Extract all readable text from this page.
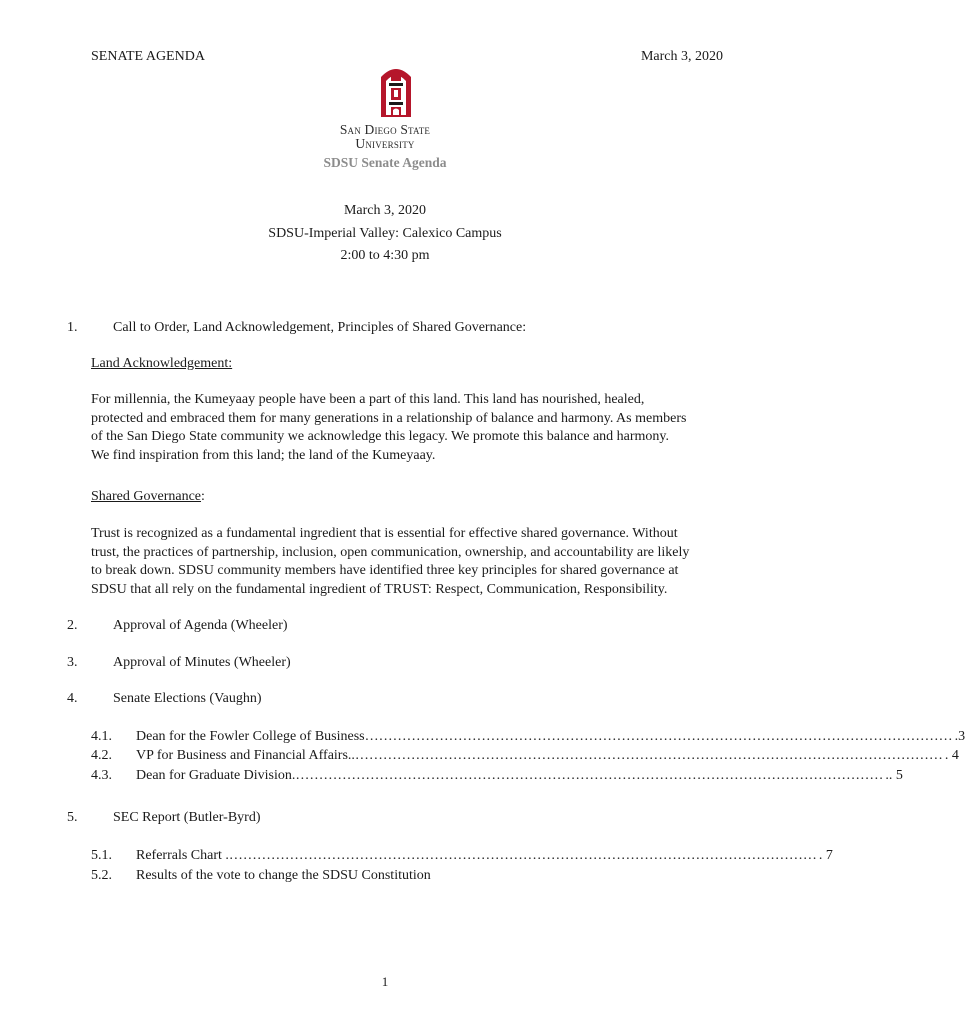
SENATE AGENDA	March 3, 2020
San Diego State
University
SDSU Senate Agenda
March 3, 2020
SDSU-Imperial Valley: Calexico Campus
2:00 to 4:30 pm
1.	Call to Order, Land Acknowledgement, Principles of Shared Governance:
Land Acknowledgement:
For millennia, the Kumeyaay people have been a part of this land. This land has nourished, healed,
protected and embraced them for many generations in a relationship of balance and harmony. As members
of the San Diego State community we acknowledge this legacy. We promote this balance and harmony.
We find inspiration from this land; the land of the Kumeyaay.
Shared Governance:
Trust is recognized as a fundamental ingredient that is essential for effective shared governance. Without
trust, the practices of partnership, inclusion, open communication, ownership, and accountability are likely
to break down. SDSU community members have identified three key principles for shared governance at
SDSU that all rely on the fundamental ingredient of TRUST: Respect, Communication, Responsibility.
2.	Approval of Agenda (Wheeler)
3.	Approval of Minutes (Wheeler)
4.	Senate Elections (Vaughn)
4.1. Dean for the Fowler College of Business ……………………………………………………………………………………………………………… .3
4.2. VP for Business and Financial Affairs.. ……………………………………………………………………………………………………………… . 4
4.3. Dean for Graduate Division. ……………………………………………………………………………………………………………… .. 5
5.	SEC Report (Butler-Byrd)
5.1. Referrals Chart . ……………………………………………………………………………………………………………… . 7
5.2. Results of the vote to change the SDSU Constitution
1
